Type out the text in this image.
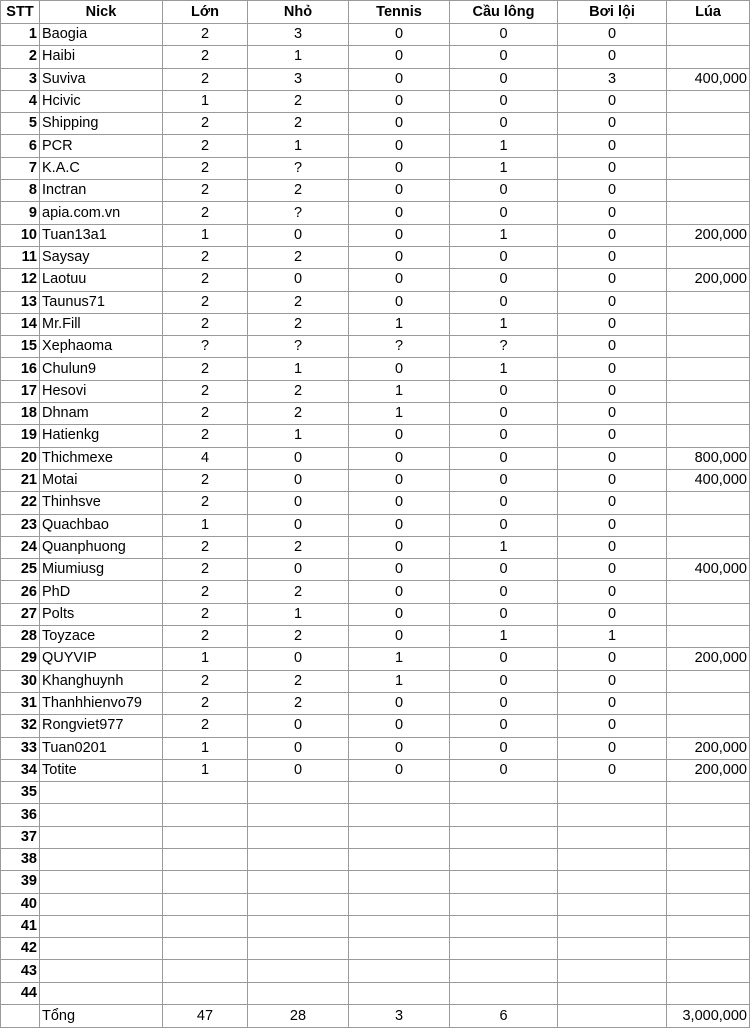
STT	Nick	Lớn	Nhỏ	Tennis	Cầu lông	Bơi lội	Lúa
1	Baogia	2	3	0	0	0	
2	Haibi	2	1	0	0	0	
3	Suviva	2	3	0	0	3	400,000
4	Hcivic	1	2	0	0	0	
5	Shipping	2	2	0	0	0	
6	PCR	2	1	0	1	0	
7	K.A.C	2	?	0	1	0	
8	Inctran	2	2	0	0	0	
9	apia.com.vn	2	?	0	0	0	
10	Tuan13a1	1	0	0	1	0	200,000
11	Saysay	2	2	0	0	0	
12	Laotuu	2	0	0	0	0	200,000
13	Taunus71	2	2	0	0	0	
14	Mr.Fill	2	2	1	1	0	
15	Xephaoma	?	?	?	?	0	
16	Chulun9	2	1	0	1	0	
17	Hesovi	2	2	1	0	0	
18	Dhnam	2	2	1	0	0	
19	Hatienkg	2	1	0	0	0	
20	Thichmexe	4	0	0	0	0	800,000
21	Motai	2	0	0	0	0	400,000
22	Thinhsve	2	0	0	0	0	
23	Quachbao	1	0	0	0	0	
24	Quanphuong	2	2	0	1	0	
25	Miumiusg	2	0	0	0	0	400,000
26	PhD	2	2	0	0	0	
27	Polts	2	1	0	0	0	
28	Toyzace	2	2	0	1	1	
29	QUYVIP	1	0	1	0	0	200,000
30	Khanghuynh	2	2	1	0	0	
31	Thanhhienvo79	2	2	0	0	0	
32	Rongviet977	2	0	0	0	0	
33	Tuan0201	1	0	0	0	0	200,000
34	Totite	1	0	0	0	0	200,000
35							
36							
37							
38							
39							
40							
41							
42							
43							
44							
	Tổng	47	28	3	6		3,000,000
